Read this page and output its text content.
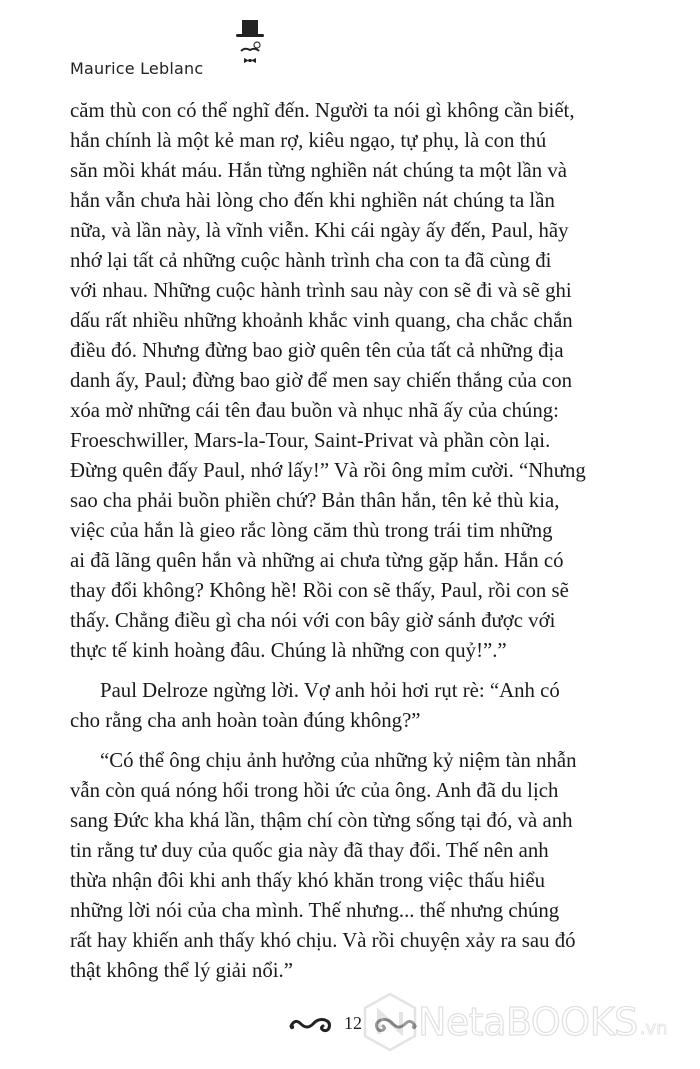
Maurice Leblanc

căm thù con có thể nghĩ đến. Người ta nói gì không cần biết,
hắn chính là một kẻ man rợ, kiêu ngạo, tự phụ, là con thú
săn mồi khát máu. Hắn từng nghiền nát chúng ta một lần và
hắn vẫn chưa hài lòng cho đến khi nghiền nát chúng ta lần
nữa, và lần này, là vĩnh viễn. Khi cái ngày ấy đến, Paul, hãy
nhớ lại tất cả những cuộc hành trình cha con ta đã cùng đi
với nhau. Những cuộc hành trình sau này con sẽ đi và sẽ ghi
dấu rất nhiều những khoảnh khắc vinh quang, cha chắc chắn
điều đó. Nhưng đừng bao giờ quên tên của tất cả những địa
danh ấy, Paul; đừng bao giờ để men say chiến thắng của con
xóa mờ những cái tên đau buồn và nhục nhã ấy của chúng:
Froeschwiller, Mars-la-Tour, Saint-Privat và phần còn lại.
Đừng quên đấy Paul, nhớ lấy!” Và rồi ông mỉm cười. “Nhưng
sao cha phải buồn phiền chứ? Bản thân hắn, tên kẻ thù kia,
việc của hắn là gieo rắc lòng căm thù trong trái tim những
ai đã lãng quên hắn và những ai chưa từng gặp hắn. Hắn có
thay đổi không? Không hề! Rồi con sẽ thấy, Paul, rồi con sẽ
thấy. Chẳng điều gì cha nói với con bây giờ sánh được với
thực tế kinh hoàng đâu. Chúng là những con quỷ!”.”

Paul Delroze ngừng lời. Vợ anh hỏi hơi rụt rè: “Anh có
cho rằng cha anh hoàn toàn đúng không?”

“Có thể ông chịu ảnh hưởng của những kỷ niệm tàn nhẫn
vẫn còn quá nóng hổi trong hồi ức của ông. Anh đã du lịch
sang Đức kha khá lần, thậm chí còn từng sống tại đó, và anh
tin rằng tư duy của quốc gia này đã thay đổi. Thế nên anh
thừa nhận đôi khi anh thấy khó khăn trong việc thấu hiểu
những lời nói của cha mình. Thế nhưng... thế nhưng chúng
rất hay khiến anh thấy khó chịu. Và rồi chuyện xảy ra sau đó
thật không thể lý giải nổi.”

12 NetaBOOKS .vn
